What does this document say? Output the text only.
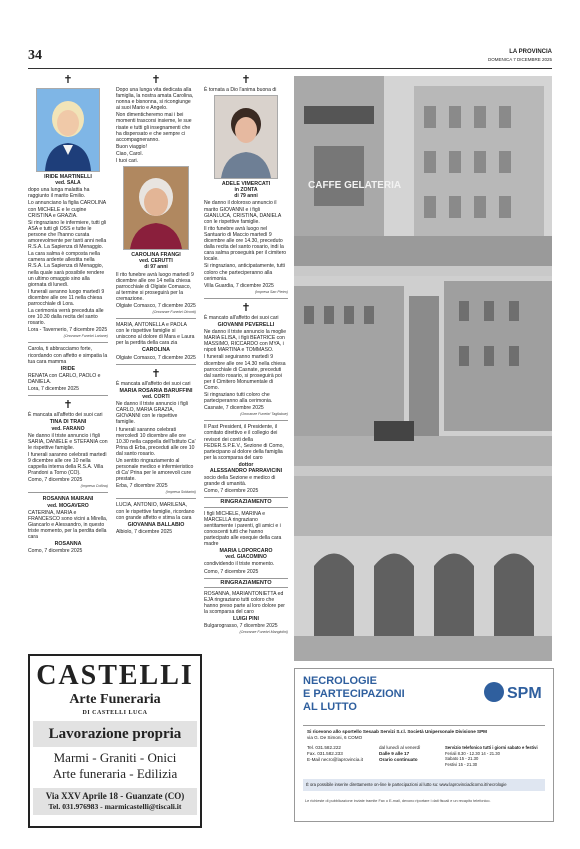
34	LA PROVINCIA
DOMENICA 7 DICEMBRE 2025
✝
IRIDE MARTINELLI
ved. SALA
dopo una lunga malattia ha raggiunto il marito Emilio.
Lo annunciano la figlia CAROLINA con MICHELE e le cugine CRISTINA e GRAZIA.
Si ringraziano le infermiere, tutti gli ASA e tutti gli OSS e tutte le persone che l'hanno curata amorevolmente per tanti anni nella R.S.A. La Sapienza di Menaggio.
La cara salma è composta nella camera ardente allestita nella R.S.A. La Sapienza di Menaggio, nella quale sarà possibile rendere un ultimo omaggio sino alla giornata di lunedì.
I funerali avranno luogo martedì 9 dicembre alle ore 11 nella chiesa parrocchiale di Lora.
La cerimonia verrà preceduta alle ore 10.30 dalla recita del santo rosario.
Lora - Tavernerio, 7 dicembre 2025
(Onoranze Funebri Lariane)
Carola, ti abbracciamo forte, ricordando con affetto e simpatia la tua cara mamma
IRIDE
RENATA con CARLO, PAOLO e DANIELA.
Lora, 7 dicembre 2025
✝
È mancata all'affetto dei suoi cari
TINA DI TRANI
ved. FARANO
Ne danno il triste annuncio i figli SARIA, DANIELE e STEFANIA con le rispettive famiglie.
I funerali saranno celebrati martedì 9 dicembre alle ore 10 nella cappella interna della R.S.A. Villa Prandoni a Torno (CO).
Como, 7 dicembre 2025
(Impresa Collina)
ROSANNA MAIRANI
ved. MOGAVERO
CATERINA, MARIA e FRANCESCO sono vicini a Mirella, Giancarlo e Alessandro, in questo triste momento, per la perdita della cara
ROSANNA
Como, 7 dicembre 2025
✝
Dopo una lunga vita dedicata alla famiglia, la nostra amata Carolina, nonna e bisnonna, si ricongiunge ai suoi Mario e Angelo.
Non dimenticheremo mai i bei momenti trascorsi insieme, le sue risate e tutti gli insegnamenti che ha dispensato e che sempre ci accompagneranno.
Buon viaggio!
Ciao, Carol.
I tuoi cari.
CAROLINA FRANGI
ved. CERUTTI
di 97 anni
Il rito funebre avrà luogo martedì 9 dicembre alle ore 14 nella chiesa parrocchiale di Olgiate Comasco, al termine si proseguirà per la cremazione.
Olgiate Comasco, 7 dicembre 2025
(Onoranze Funebri Olconti)
MARIA, ANTONELLA e PAOLA con le rispettive famiglie si uniscono al dolore di Mara e Laura per la perdita della cara zia
CAROLINA
Olgiate Comasco, 7 dicembre 2025
✝
È mancata all'affetto dei suoi cari
MARIA ROSARIA BARUFFINI
ved. CORTI
Ne danno il triste annuncio i figli CARLO, MARIA GRAZIA, GIOVANNI con le rispettive famiglie.
I funerali saranno celebrati mercoledì 10 dicembre alle ore 10.30 nella cappella dell'Istituto Ca' Prina di Erba, preceduti alle ore 10 dal santo rosario.
Un sentito ringraziamento al personale medico e infermieristico di Ca' Prina per le amorevoli cure prestate.
Erba, 7 dicembre 2025
(Impresa Soldarini)
LUCIA, ANTONIO, MARILENA, con le rispettive famiglie, ricordano con grande affetto e stima la cara
GIOVANNA BALLABIO
Albiolo, 7 dicembre 2025
✝
È tornata a Dio l'anima buona di
ADELE VIMERCATI
in ZONTA
di 79 anni
Ne danno il doloroso annuncio il marito GIOVANNI e i figli GIANLUCA, CRISTINA, DANIELA con le rispettive famiglie.
Il rito funebre avrà luogo nel Santuario di Maccio martedì 9 dicembre alle ore 14.30, preceduto dalla recita del santo rosario, indi la cara salma proseguirà per il cimitero locale.
Si ringraziano, anticipatamente, tutti coloro che parteciperanno alla cerimonia.
Villa Guardia, 7 dicembre 2025
(Impresa San Pietro)
✝
È mancato all'affetto dei suoi cari
GIOVANNI PEVERELLI
Ne danno il triste annuncio la moglie MARIA ELISA, i figli BEATRICE con MASSIMO, RICCARDO con MYA, i nipoti MARTINA e TOMMASO.
I funerali seguiranno martedì 9 dicembre alle ore 14.30 nella chiesa parrocchiale di Casnate, preceduti dal santo rosario, si proseguirà poi per il Cimitero Monumentale di Como.
Si ringraziano tutti coloro che parteciperanno alla cerimonia.
Casnate, 7 dicembre 2025
(Onoranze Funebri Tagliabue)
Il Past President, il Presidente, il comitato direttivo e il collegio dei revisori dei conti della FEDER.S.P.E.V., Sezione di Como, partecipano al dolore della famiglia per la scomparsa del caro
dottor
ALESSANDRO PARRAVICINI
socio della Sezione e medico di grande di umanità.
Como, 7 dicembre 2025
RINGRAZIAMENTO
I figli MICHELE, MARINA e MARCELLA ringraziano sentitamente i parenti, gli amici e i conoscenti tutti che hanno partecipato alle esequie della cara madre
MARIA LOPORCARO
ved. GIACOMINO
condividendo il triste momento.
Como, 7 dicembre 2025
RINGRAZIAMENTO
ROSANNA, MARIANTONIETTA ed EJA ringraziano tutti coloro che hanno preso parte al loro dolore per la scomparsa del caro
LUIGI PINI
Bulgarograsso, 7 dicembre 2025
(Onoranze Funebri Mangiolini)
CAFFE GELATERIA
CASTELLI
Arte Funeraria
DI CASTELLI LUCA
Lavorazione propria
Marmi - Graniti - Onici
Arte funeraria - Edilizia
Via XXV Aprile 18 - Guanzate (CO)
Tel. 031.976983 - marmicastelli@tiscali.it
NECROLOGIE
E PARTECIPAZIONI
AL LUTTO
SPM
Si ricevono allo sportello Sesaab Servizi S.r.l. Società Unipersonale Divisione SPM
via G. De Simoni, 6 COMO
Tel. 031.582.222
Fax. 031.582.233
E-Mail necro@laprovincia.it
dal lunedì al venerdì
Dalle 9 alle 17
Orario continuato
Servizio telefonico tutti i giorni sabato e festivi
Feriali 8.30 - 12.30 14 - 21.30
Sabato 15 - 21.30
Festivi 15 - 21.30
È ora possibile inserire direttamente on-line le partecipazioni al lutto su: www.laprovinciadicomo.it/necrologie
Le richieste di pubblicazione inviate tramite Fax o E-mail, devono riportare i dati fiscali e un recapito telefonico.
